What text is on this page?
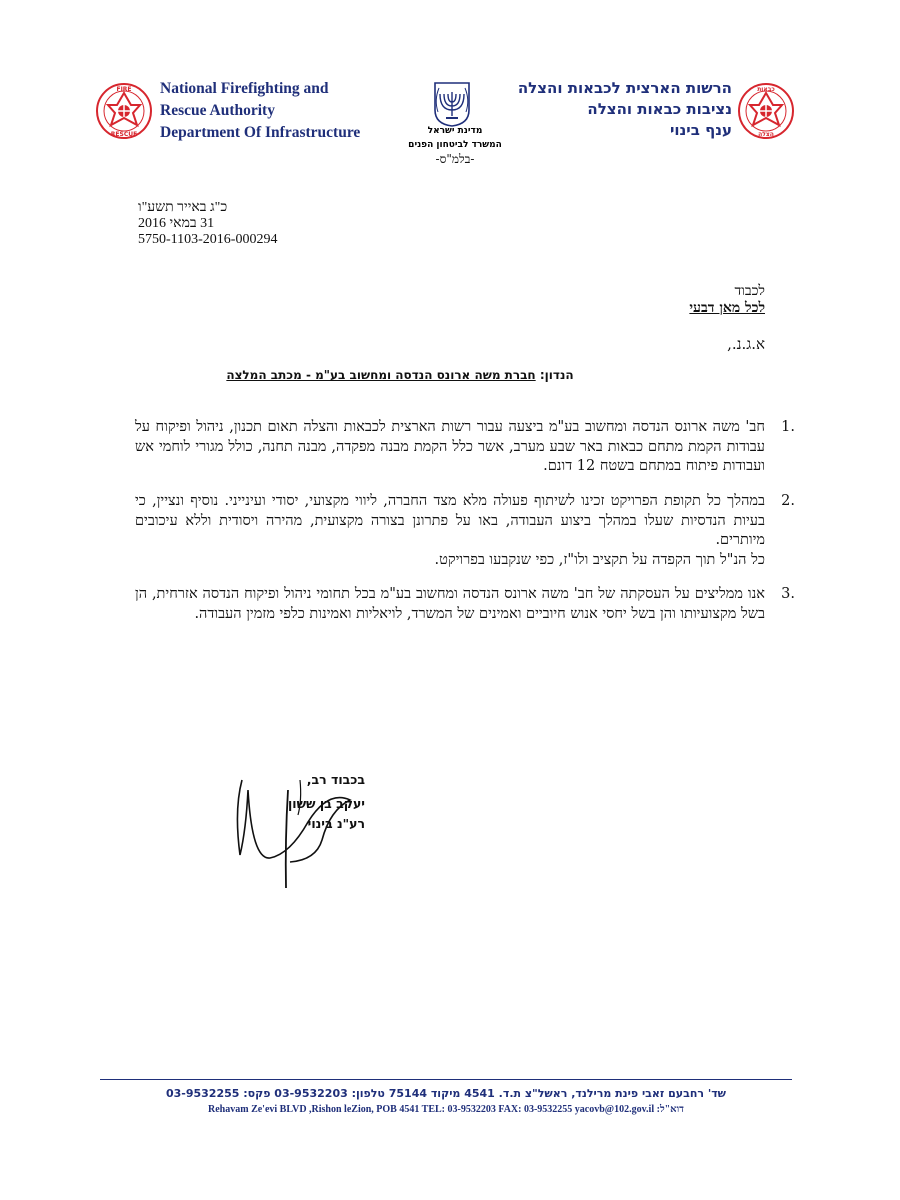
FIRE
RESCUE
National Firefighting and
Rescue Authority
Department Of Infrastructure	מדינת ישראל
המשרד לביטחון הפנים
-בלמ"ס-
הרשות הארצית לכבאות והצלה
נציבות כבאות והצלה
ענף בינוי
כבאות
הצלה
כ"ג באייר תשע"ו
31 במאי 2016
5750-1103-2016-000294
לכבוד
לכל מאן דבעי
א.ג.נ.,
הנדון: חברת משה ארונס הנדסה ומחשוב בע"מ - מכתב המלצה
.1
חב' משה ארונס הנדסה ומחשוב בע"מ ביצעה עבור רשות הארצית לכבאות והצלה תאום תכנון, ניהול ופיקוח על עבודות הקמת מתחם כבאות באר שבע מערב, אשר כלל הקמת מבנה מפקדה, מבנה תחנה, כולל מגורי לוחמי אש ועבודות פיתוח במתחם בשטח 12 דונם.
.2
במהלך כל תקופת הפרויקט זכינו לשיתוף פעולה מלא מצד החברה, ליווי מקצועי, יסודי ועינייני. נוסיף ונציין, כי בעיות הנדסיות שעלו במהלך ביצוע העבודה, באו על פתרונן בצורה מקצועית, מהירה ויסודית וללא עיכובים מיותרים.
כל הנ"ל תוך הקפדה על תקציב ולו"ז, כפי שנקבעו בפרויקט.
.3
אנו ממליצים על העסקתה של חב' משה ארונס הנדסה ומחשוב בע"מ בכל תחומי ניהול ופיקוח הנדסה אזרחית, הן בשל מקצועיותו והן בשל יחסי אנוש חיוביים ואמינים של המשרד, לויאליות ואמינות כלפי מזמין העבודה.
בכבוד רב,
יעקב בן ששון
רע"נ בינוי
שד' רחבעם זאבי פינת מרילנד, ראשל"צ ת.ד. 4541 מיקוד 75144 טלפון: 03-9532203 פקס: 03-9532255
Rehavam Ze'evi BLVD ,Rishon leZion, POB 4541 TEL: 03-9532203 FAX: 03-9532255 yacovb@102.gov.il :דוא"ל
